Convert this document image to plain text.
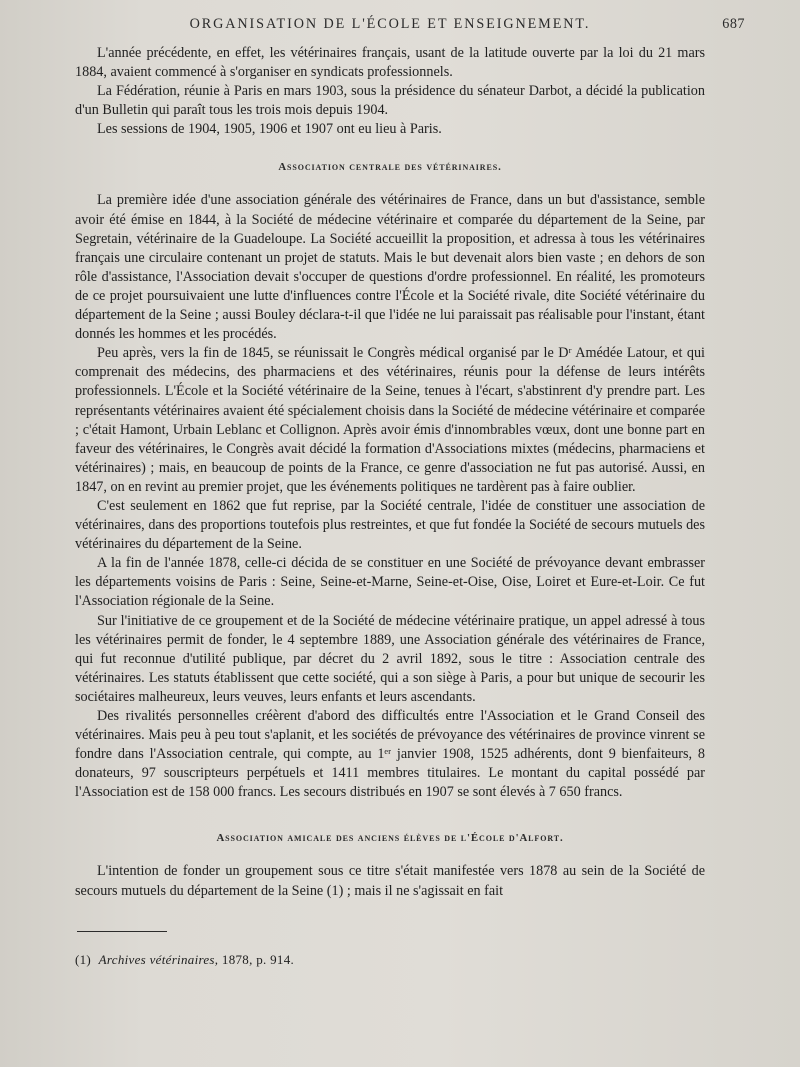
ORGANISATION DE L'ÉCOLE ET ENSEIGNEMENT.	687

L'année précédente, en effet, les vétérinaires français, usant de la latitude ouverte par la loi du 21 mars 1884, avaient commencé à s'organiser en syndicats professionnels.

La Fédération, réunie à Paris en mars 1903, sous la présidence du sénateur Darbot, a décidé la publication d'un Bulletin qui paraît tous les trois mois depuis 1904.

Les sessions de 1904, 1905, 1906 et 1907 ont eu lieu à Paris.

Association centrale des vétérinaires.

La première idée d'une association générale des vétérinaires de France, dans un but d'assistance, semble avoir été émise en 1844, à la Société de médecine vétérinaire et comparée du département de la Seine, par Segretain, vétérinaire de la Guadeloupe. La Société accueillit la proposition, et adressa à tous les vétérinaires français une circulaire contenant un projet de statuts. Mais le but devenait alors bien vaste ; en dehors de son rôle d'assistance, l'Association devait s'occuper de questions d'ordre professionnel. En réalité, les promoteurs de ce projet poursuivaient une lutte d'influences contre l'École et la Société rivale, dite Société vétérinaire du département de la Seine ; aussi Bouley déclara-t-il que l'idée ne lui paraissait pas réalisable pour l'instant, étant donnés les hommes et les procédés.

Peu après, vers la fin de 1845, se réunissait le Congrès médical organisé par le Dʳ Amédée Latour, et qui comprenait des médecins, des pharmaciens et des vétérinaires, réunis pour la défense de leurs intérêts professionnels. L'École et la Société vétérinaire de la Seine, tenues à l'écart, s'abstinrent d'y prendre part. Les représentants vétérinaires avaient été spécialement choisis dans la Société de médecine vétérinaire et comparée ; c'était Hamont, Urbain Leblanc et Collignon. Après avoir émis d'innombrables vœux, dont une bonne part en faveur des vétérinaires, le Congrès avait décidé la formation d'Associations mixtes (médecins, pharmaciens et vétérinaires) ; mais, en beaucoup de points de la France, ce genre d'association ne fut pas autorisé. Aussi, en 1847, on en revint au premier projet, que les événements politiques ne tardèrent pas à faire oublier.

C'est seulement en 1862 que fut reprise, par la Société centrale, l'idée de constituer une association de vétérinaires, dans des proportions toutefois plus restreintes, et que fut fondée la Société de secours mutuels des vétérinaires du département de la Seine.

A la fin de l'année 1878, celle-ci décida de se constituer en une Société de prévoyance devant embrasser les départements voisins de Paris : Seine, Seine-et-Marne, Seine-et-Oise, Oise, Loiret et Eure-et-Loir. Ce fut l'Association régionale de la Seine.

Sur l'initiative de ce groupement et de la Société de médecine vétérinaire pratique, un appel adressé à tous les vétérinaires permit de fonder, le 4 septembre 1889, une Association générale des vétérinaires de France, qui fut reconnue d'utilité publique, par décret du 2 avril 1892, sous le titre : Association centrale des vétérinaires. Les statuts établissent que cette société, qui a son siège à Paris, a pour but unique de secourir les sociétaires malheureux, leurs veuves, leurs enfants et leurs ascendants.

Des rivalités personnelles créèrent d'abord des difficultés entre l'Association et le Grand Conseil des vétérinaires. Mais peu à peu tout s'aplanit, et les sociétés de prévoyance des vétérinaires de province vinrent se fondre dans l'Association centrale, qui compte, au 1ᵉʳ janvier 1908, 1525 adhérents, dont 9 bienfaiteurs, 8 donateurs, 97 souscripteurs perpétuels et 1411 membres titulaires. Le montant du capital possédé par l'Association est de 158 000 francs. Les secours distribués en 1907 se sont élevés à 7 650 francs.

Association amicale des anciens élèves de l'École d'Alfort.

L'intention de fonder un groupement sous ce titre s'était manifestée vers 1878 au sein de la Société de secours mutuels du département de la Seine (1) ; mais il ne s'agissait en fait

(1) Archives vétérinaires, 1878, p. 914.
